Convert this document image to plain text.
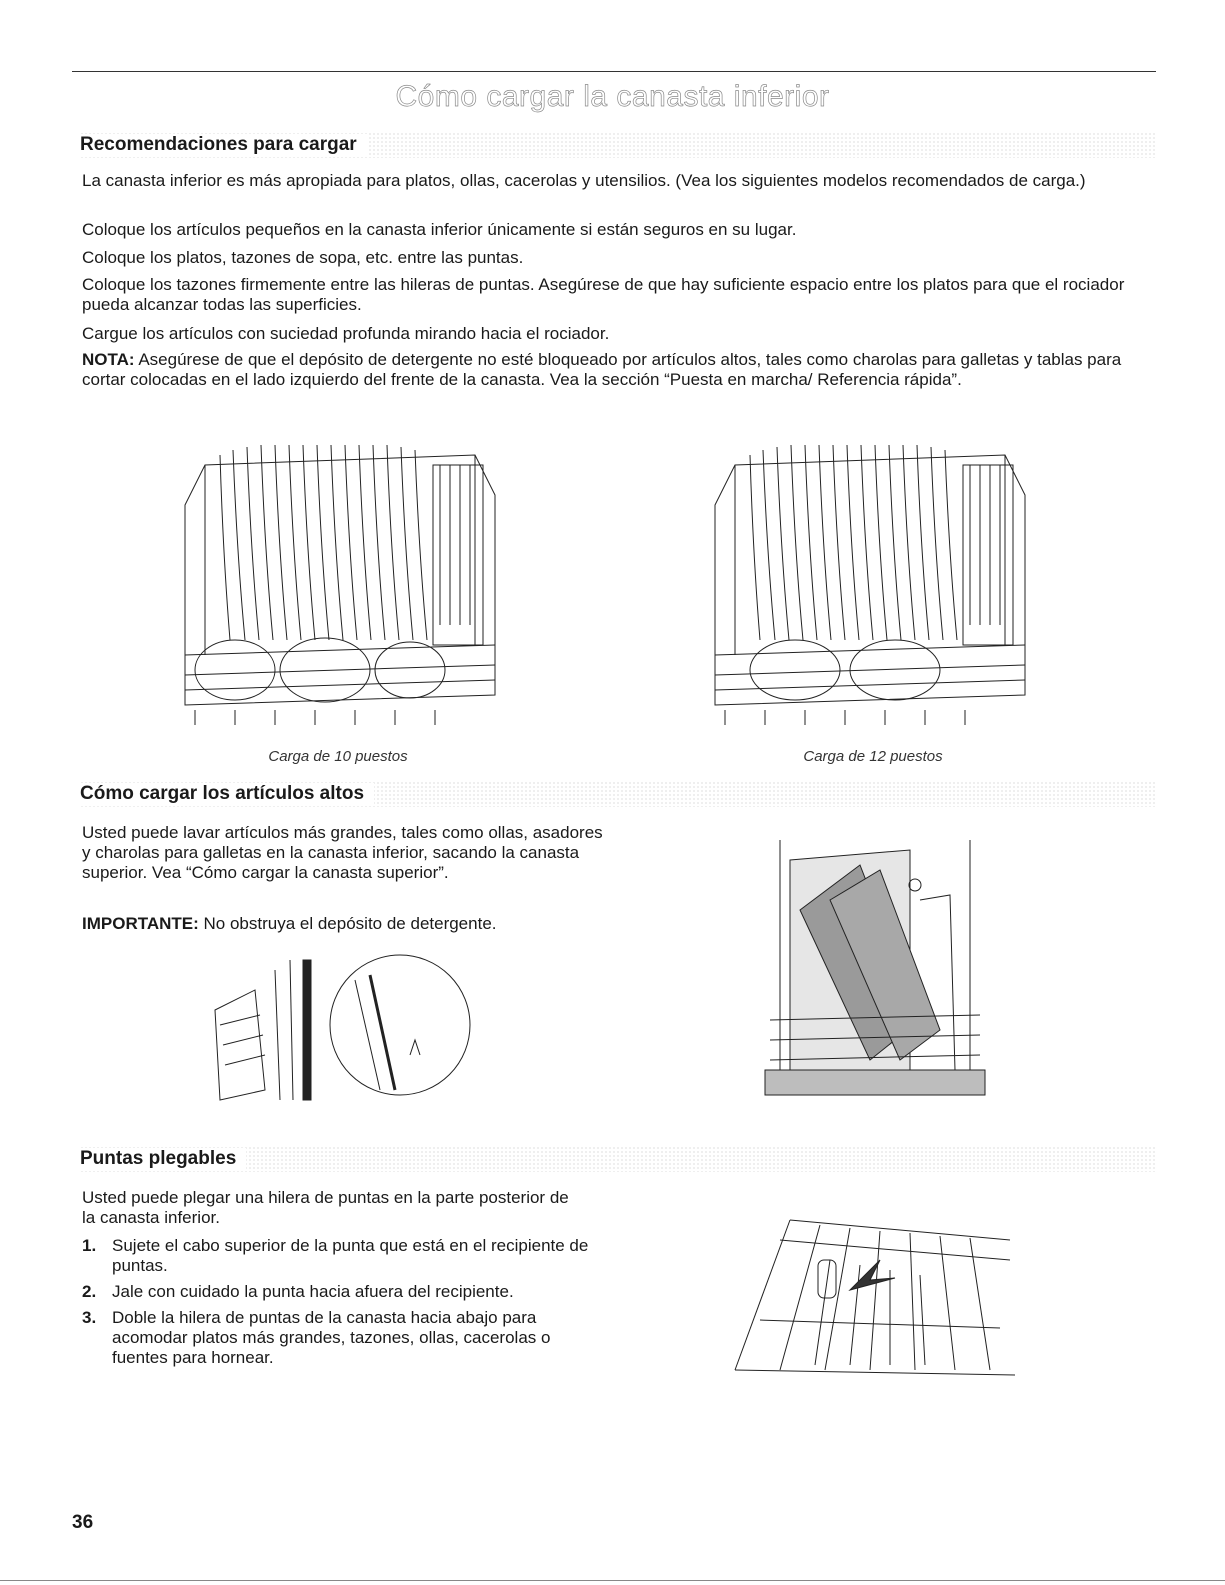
Cómo cargar la canasta inferior
Recomendaciones para cargar

La canasta inferior es más apropiada para platos, ollas, cacerolas y utensilios. (Vea los siguientes modelos recomendados de carga.)

Coloque los artículos pequeños en la canasta inferior únicamente si están seguros en su lugar.

Coloque los platos, tazones de sopa, etc. entre las puntas.

Coloque los tazones firmemente entre las hileras de puntas. Asegúrese de que hay suficiente espacio entre los platos para que el rociador pueda alcanzar todas las superficies.

Cargue los artículos con suciedad profunda mirando hacia el rociador.

NOTA: Asegúrese de que el depósito de detergente no esté bloqueado por artículos altos, tales como charolas para galletas y tablas para cortar colocadas en el lado izquierdo del frente de la canasta. Vea la sección “Puesta en marcha/ Referencia rápida”.

Carga de 10 puestos	Carga de 12 puestos
Cómo cargar los artículos altos

Usted puede lavar artículos más grandes, tales como ollas, asadores y charolas para galletas en la canasta inferior, sacando la canasta superior. Vea “Cómo cargar la canasta superior”.

IMPORTANTE: No obstruya el depósito de detergente.

Puntas plegables

Usted puede plegar una hilera de puntas en la parte posterior de la canasta inferior.

1. Sujete el cabo superior de la punta que está en el recipiente de puntas.
2. Jale con cuidado la punta hacia afuera del recipiente.
3. Doble la hilera de puntas de la canasta hacia abajo para acomodar platos más grandes, tazones, ollas, cacerolas o fuentes para hornear.
36
